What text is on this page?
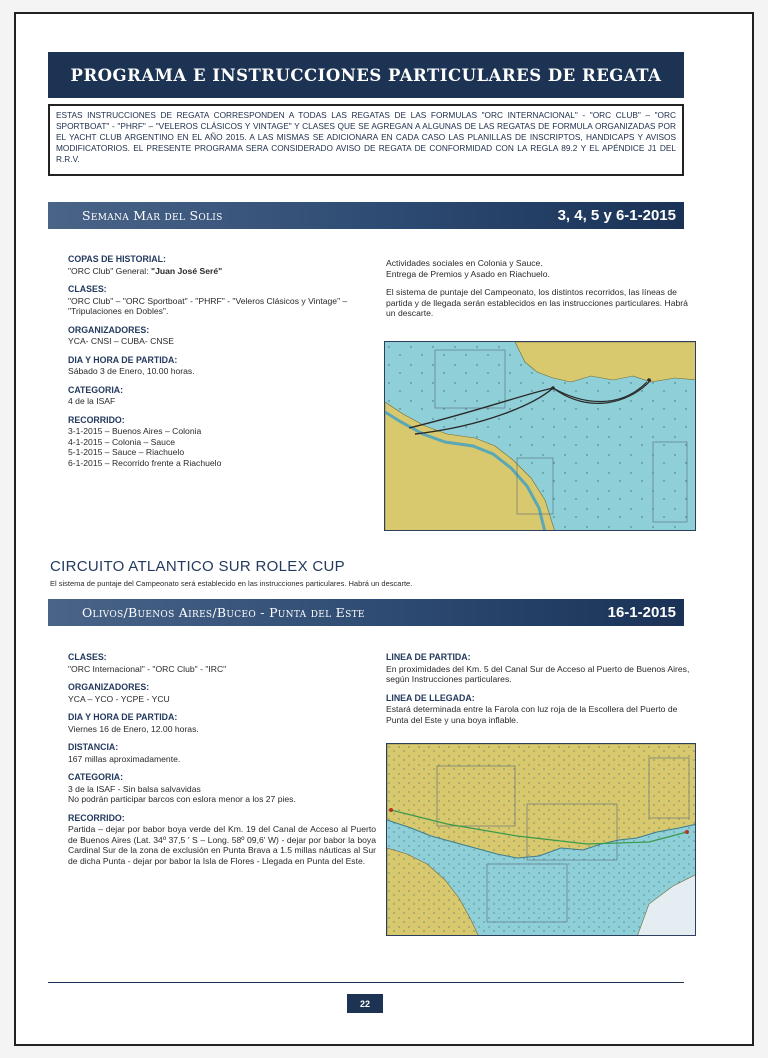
PROGRAMA E INSTRUCCIONES PARTICULARES DE REGATA
ESTAS INSTRUCCIONES DE REGATA CORRESPONDEN A TODAS LAS REGATAS DE LAS FORMULAS "ORC INTERNACIONAL" - "ORC CLUB" – "ORC SPORTBOAT" - "PHRF" – "VELEROS CLÁSICOS Y VINTAGE" Y CLASES QUE SE AGREGAN A ALGUNAS DE LAS REGATAS DE FORMULA ORGANIZADAS POR EL YACHT CLUB ARGENTINO EN EL AÑO 2015. A LAS MISMAS SE ADICIONARA EN CADA CASO LAS PLANILLAS DE INSCRIPTOS, HANDICAPS Y AVISOS MODIFICATORIOS. EL PRESENTE PROGRAMA SERA CONSIDERADO AVISO DE REGATA DE CONFORMIDAD CON LA REGLA 89.2 Y EL APÉNDICE J1 DEL R.R.V.
Semana Mar del Solis	3, 4, 5 y 6-1-2015
COPAS DE HISTORIAL:
"ORC Club" General: "Juan José Seré"
CLASES:
"ORC Club" – "ORC Sportboat" - "PHRF" - "Veleros Clásicos y Vintage" – "Tripulaciones en Dobles".
ORGANIZADORES:
YCA- CNSI – CUBA- CNSE
DIA Y HORA DE PARTIDA:
Sábado 3 de Enero, 10.00 horas.
CATEGORIA:
4 de la ISAF
RECORRIDO:
3-1-2015 – Buenos Aires – Colonia
4-1-2015 – Colonia – Sauce
5-1-2015 – Sauce – Riachuelo
6-1-2015 – Recorrido frente a Riachuelo
Actividades sociales en Colonia y Sauce.
Entrega de Premios y Asado en Riachuelo.
El sistema de puntaje del Campeonato, los distintos recorridos, las líneas de partida y de llegada serán establecidos en las instrucciones particulares. Habrá un descarte.
CIRCUITO ATLANTICO SUR ROLEX CUP
El sistema de puntaje del Campeonato será establecido en las instrucciones particulares. Habrá un descarte.
Olivos/Buenos Aires/Buceo - Punta del Este	16-1-2015
CLASES:
"ORC Internacional" - "ORC Club" - "IRC"
ORGANIZADORES:
YCA – YCO - YCPE - YCU
DIA Y HORA DE PARTIDA:
Viernes 16 de Enero, 12.00 horas.
DISTANCIA:
167 millas aproximadamente.
CATEGORIA:
3 de la ISAF - Sin balsa salvavidas
No podrán participar barcos con eslora menor a los 27 pies.
RECORRIDO:
Partida – dejar por babor boya verde del Km. 19 del Canal de Acceso al Puerto de Buenos Aires (Lat. 34º 37,5 ' S – Long. 58º 09,6' W) - dejar por babor la boya Cardinal Sur de la zona de exclusión en Punta Brava a 1.5 millas náuticas al Sur de dicha Punta - dejar por babor la Isla de Flores - Llegada en Punta del Este.
LINEA DE PARTIDA:
En proximidades del Km. 5 del Canal Sur de Acceso al Puerto de Buenos Aires, según Instrucciones particulares.
LINEA DE LLEGADA:
Estará determinada entre la Farola con luz roja de la Escollera del Puerto de Punta del Este y una boya inflable.
22
